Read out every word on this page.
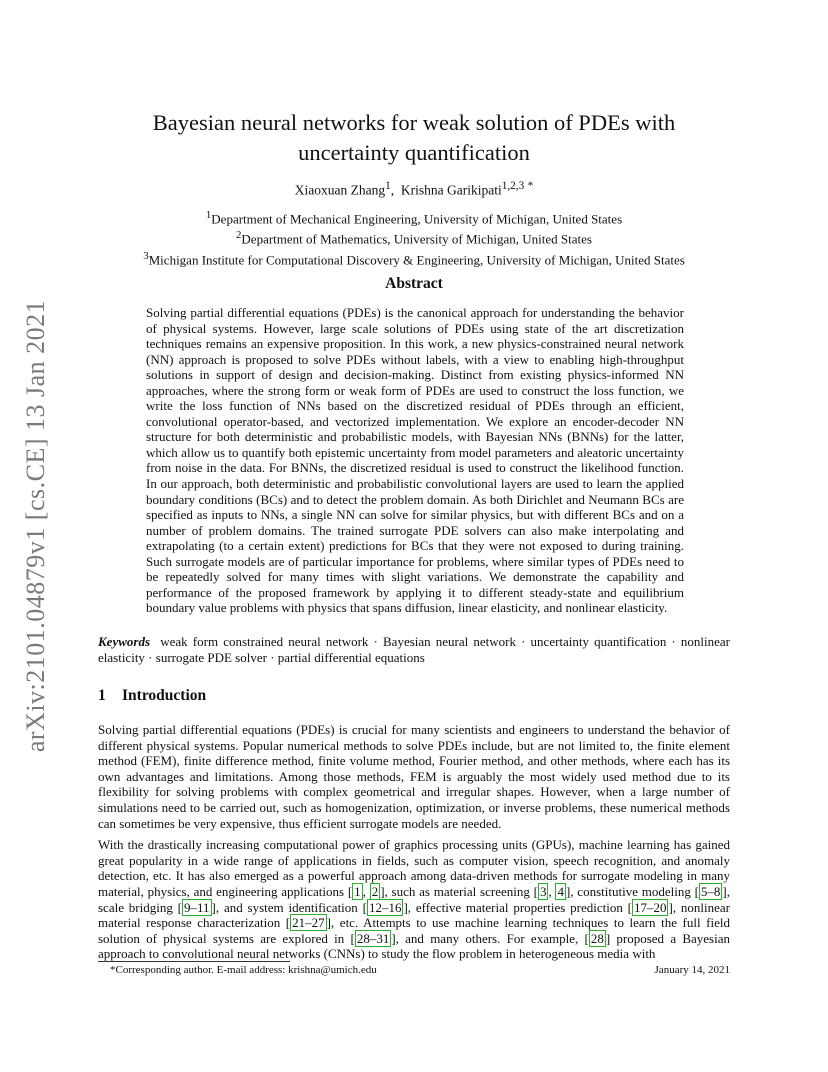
arXiv:2101.04879v1 [cs.CE] 13 Jan 2021
Bayesian neural networks for weak solution of PDEs with uncertainty quantification
Xiaoxuan Zhang$^1$,  Krishna Garikipati$^{1,2,3}$ *
$^1$Department of Mechanical Engineering, University of Michigan, United States
$^2$Department of Mathematics, University of Michigan, United States
$^3$Michigan Institute for Computational Discovery & Engineering, University of Michigan, United States
Abstract
Solving partial differential equations (PDEs) is the canonical approach for understanding the behavior of physical systems. However, large scale solutions of PDEs using state of the art discretization techniques remains an expensive proposition. In this work, a new physics-constrained neural network (NN) approach is proposed to solve PDEs without labels, with a view to enabling high-throughput solutions in support of design and decision-making. Distinct from existing physics-informed NN approaches, where the strong form or weak form of PDEs are used to construct the loss function, we write the loss function of NNs based on the discretized residual of PDEs through an efficient, convolutional operator-based, and vectorized implementation. We explore an encoder-decoder NN structure for both deterministic and probabilistic models, with Bayesian NNs (BNNs) for the latter, which allow us to quantify both epistemic uncertainty from model parameters and aleatoric uncertainty from noise in the data. For BNNs, the discretized residual is used to construct the likelihood function. In our approach, both deterministic and probabilistic convolutional layers are used to learn the applied boundary conditions (BCs) and to detect the problem domain. As both Dirichlet and Neumann BCs are specified as inputs to NNs, a single NN can solve for similar physics, but with different BCs and on a number of problem domains. The trained surrogate PDE solvers can also make interpolating and extrapolating (to a certain extent) predictions for BCs that they were not exposed to during training. Such surrogate models are of particular importance for problems, where similar types of PDEs need to be repeatedly solved for many times with slight variations. We demonstrate the capability and performance of the proposed framework by applying it to different steady-state and equilibrium boundary value problems with physics that spans diffusion, linear elasticity, and nonlinear elasticity.
Keywords weak form constrained neural network · Bayesian neural network · uncertainty quantification · nonlinear elasticity · surrogate PDE solver · partial differential equations
1 Introduction

Solving partial differential equations (PDEs) is crucial for many scientists and engineers to understand the behavior of different physical systems. Popular numerical methods to solve PDEs include, but are not limited to, the finite element method (FEM), finite difference method, finite volume method, Fourier method, and other methods, where each has its own advantages and limitations. Among those methods, FEM is arguably the most widely used method due to its flexibility for solving problems with complex geometrical and irregular shapes. However, when a large number of simulations need to be carried out, such as homogenization, optimization, or inverse problems, these numerical methods can sometimes be very expensive, thus efficient surrogate models are needed.

With the drastically increasing computational power of graphics processing units (GPUs), machine learning has gained great popularity in a wide range of applications in fields, such as computer vision, speech recognition, and anomaly detection, etc. It has also emerged as a powerful approach among data-driven methods for surrogate modeling in many material, physics, and engineering applications [ 1 , 2 ], such as material screening [ 3 , 4 ], constitutive modeling [ 5–8 ], scale bridging [ 9–11 ], and system identification [ 12–16 ], effective material properties prediction [ 17–20 ], nonlinear material response characterization [ 21–27 ], etc. Attempts to use machine learning techniques to learn the full field solution of physical systems are explored in [ 28–31 ], and many others. For example, [ 28 ] proposed a Bayesian approach to convolutional neural networks (CNNs) to study the flow problem in heterogeneous media with

*Corresponding author. E-mail address: krishna@umich.edu	January 14, 2021
